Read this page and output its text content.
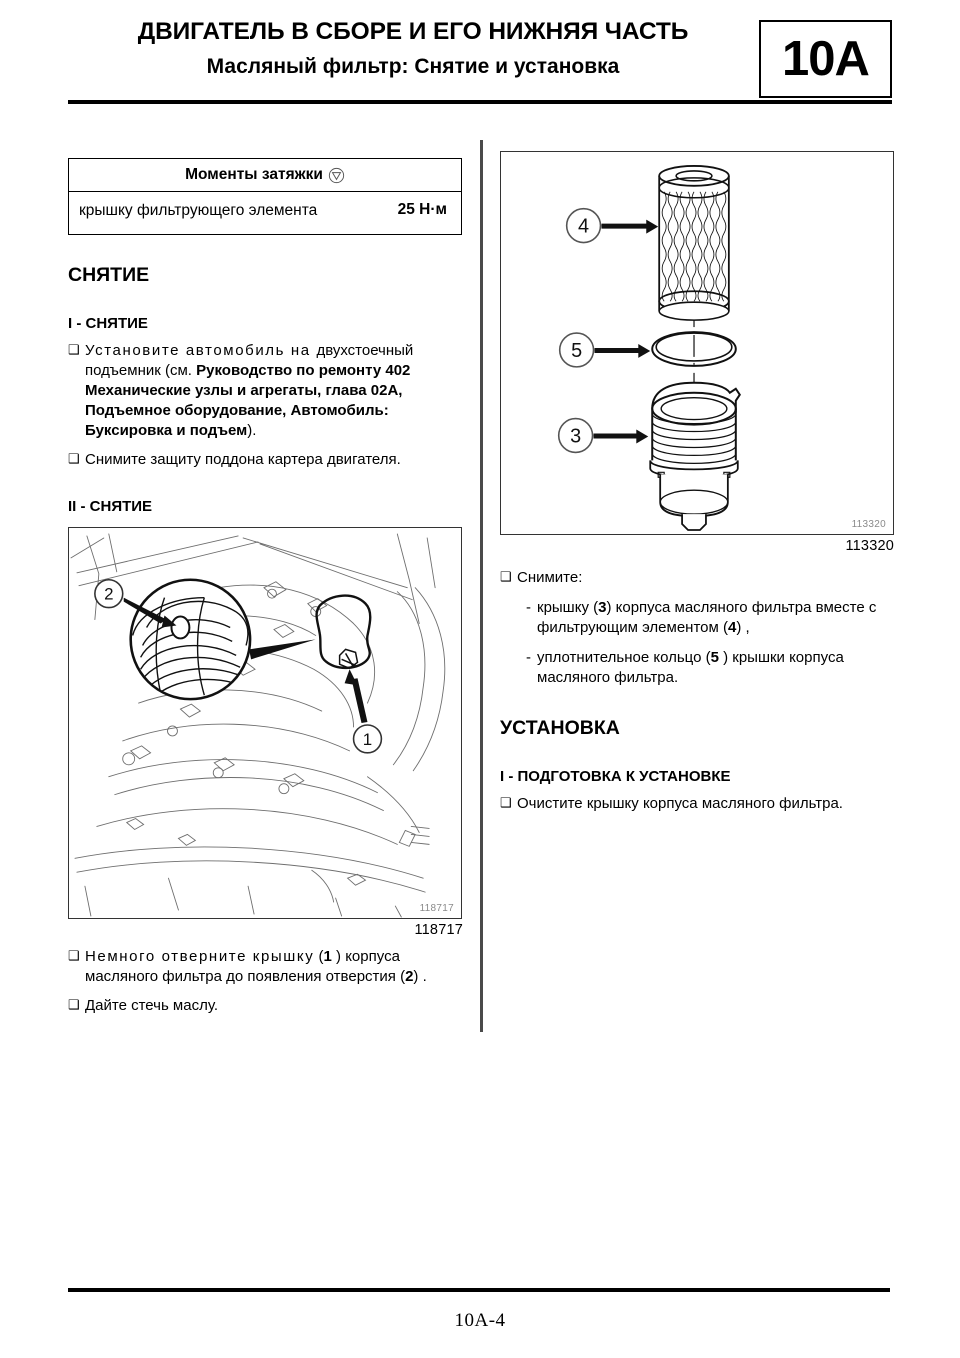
ДВИГАТЕЛЬ В СБОРЕ И ЕГО НИЖНЯЯ ЧАСТЬ
Масляный фильтр: Снятие и установка	10A
Моменты затяжки
крышку фильтрующего элемента	25 Н·м
СНЯТИЕ
I - СНЯТИЕ
❑ Установите автомобиль на двухстоечный подъемник (см. Руководство по ремонту 402 Механические узлы и агрегаты, глава 02А, Подъемное оборудование, Автомобиль: Буксировка и подъем).
❑ Снимите защиту поддона картера двигателя.
II - СНЯТИЕ
2
1
118717
118717
❑ Немного отверните крышку (1 ) корпуса масляного фильтра до появления отверстия (2) .
❑ Дайте стечь маслу.
4
5
3
113320
113320
❑ Снимите:
- крышку (3) корпуса масляного фильтра вместе с фильтрующим элементом (4) ,
- уплотнительное кольцо (5 ) крышки корпуса масляного фильтра.
УСТАНОВКА
I - ПОДГОТОВКА К УСТАНОВКЕ
❑ Очистите крышку корпуса масляного фильтра.
10A-4
